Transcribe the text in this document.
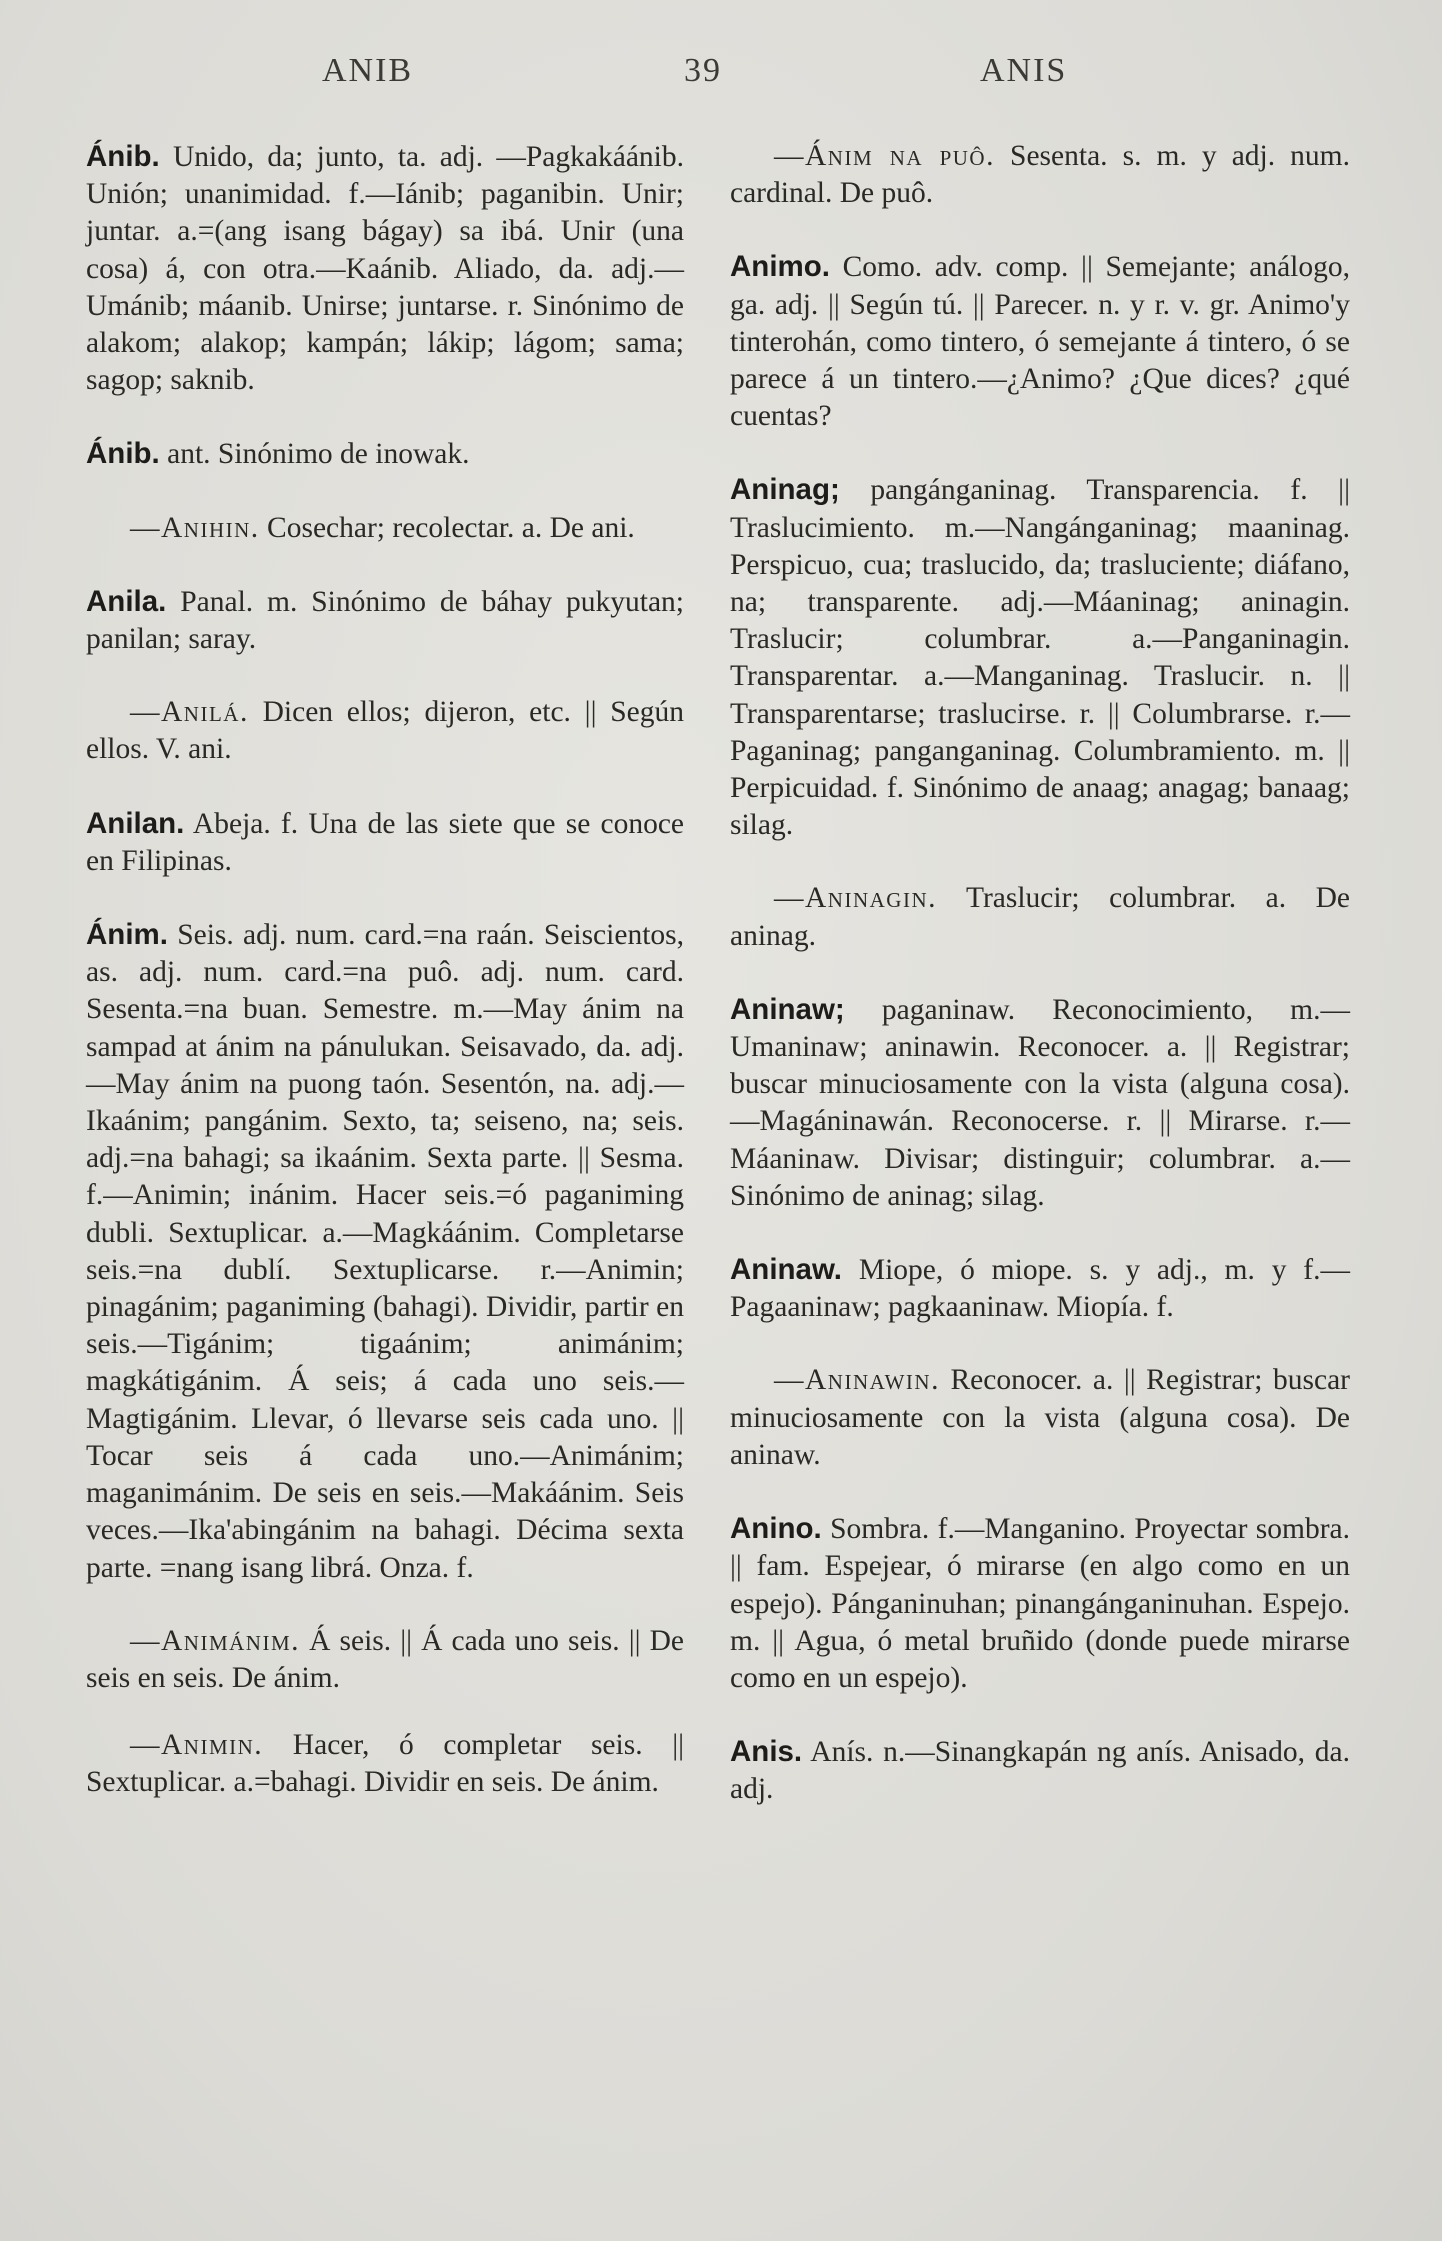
ANIB	39	ANIS

Ánib. Unido, da; junto, ta. adj. —Pagkakáánib. Unión; unanimidad. f.—Iánib; paganibin. Unir; juntar. a.=(ang isang bágay) sa ibá. Unir (una cosa) á, con otra.—Kaánib. Aliado, da. adj.—Umánib; máanib. Unirse; juntarse. r. Sinónimo de alakom; alakop; kampán; lákip; lágom; sama; sagop; saknib.

Ánib. ant. Sinónimo de inowak.

—Anihin. Cosechar; recolectar. a. De ani.

Anila. Panal. m. Sinónimo de báhay pukyutan; panilan; saray.

—Anilá. Dicen ellos; dijeron, etc. || Según ellos. V. ani.

Anilan. Abeja. f. Una de las siete que se conoce en Filipinas.

Ánim. Seis. adj. num. card.=na raán. Seiscientos, as. adj. num. card.=na puô. adj. num. card. Sesenta.=na buan. Semestre. m.—May ánim na sampad at ánim na pánulukan. Seisavado, da. adj.—May ánim na puong taón. Sesentón, na. adj.—Ikaánim; pangánim. Sexto, ta; seiseno, na; seis. adj.=na bahagi; sa ikaánim. Sexta parte. || Sesma. f.—Animin; inánim. Hacer seis.=ó paganiming dubli. Sextuplicar. a.—Magkáánim. Completarse seis.=na dublí. Sextuplicarse. r.—Animin; pinagánim; paganiming (bahagi). Dividir, partir en seis.—Tigánim; tigaánim; animánim; magkátigánim. Á seis; á cada uno seis.—Magtigánim. Llevar, ó llevarse seis cada uno. || Tocar seis á cada uno.—Animánim; maganimánim. De seis en seis.—Makáánim. Seis veces.—Ika'abingánim na bahagi. Décima sexta parte. =nang isang librá. Onza. f.

—Animánim. Á seis. || Á cada uno seis. || De seis en seis. De ánim.

—Animin. Hacer, ó completar seis. || Sextuplicar. a.=bahagi. Dividir en seis. De ánim.

—Ánim na puô. Sesenta. s. m. y adj. num. cardinal. De puô.

Animo. Como. adv. comp. || Semejante; análogo, ga. adj. || Según tú. || Parecer. n. y r. v. gr. Animo'y tinterohán, como tintero, ó semejante á tintero, ó se parece á un tintero.—¿Animo? ¿Que dices? ¿qué cuentas?

Aninag; pangánganinag. Transparencia. f. || Traslucimiento. m.—Nangánganinag; maaninag. Perspicuo, cua; traslucido, da; trasluciente; diáfano, na; transparente. adj.—Máaninag; aninagin. Traslucir; columbrar. a.—Panganinagin. Transparentar. a.—Manganinag. Traslucir. n. || Transparentarse; traslucirse. r. || Columbrarse. r.—Paganinag; panganganinag. Columbramiento. m. || Perpicuidad. f. Sinónimo de anaag; anagag; banaag; silag.

—Aninagin. Traslucir; columbrar. a. De aninag.

Aninaw; paganinaw. Reconocimiento, m.—Umaninaw; aninawin. Reconocer. a. || Registrar; buscar minuciosamente con la vista (alguna cosa).—Magáninawán. Reconocerse. r. || Mirarse. r.—Máaninaw. Divisar; distinguir; columbrar. a.—Sinónimo de aninag; silag.

Aninaw. Miope, ó miope. s. y adj., m. y f.—Pagaaninaw; pagkaaninaw. Miopía. f.

—Aninawin. Reconocer. a. || Registrar; buscar minuciosamente con la vista (alguna cosa). De aninaw.

Anino. Sombra. f.—Manganino. Proyectar sombra. || fam. Espejear, ó mirarse (en algo como en un espejo). Pánganinuhan; pinangánganinuhan. Espejo. m. || Agua, ó metal bruñido (donde puede mirarse como en un espejo).

Anis. Anís. n.—Sinangkapán ng anís. Anisado, da. adj.
